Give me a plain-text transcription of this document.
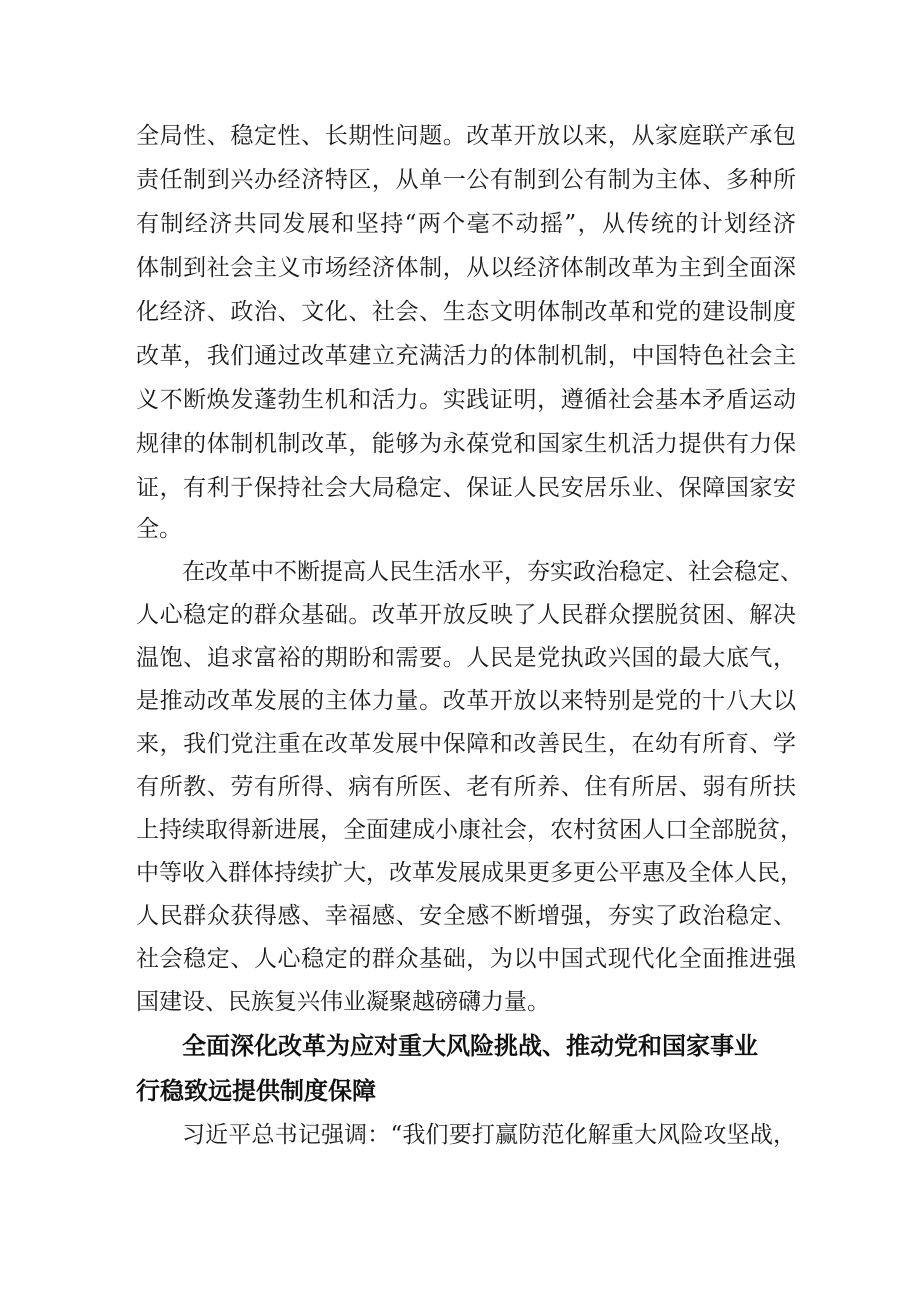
全局性、稳定性、长期性问题。改革开放以来，从家庭联产承包
责任制到兴办经济特区，从单一公有制到公有制为主体、多种所
有制经济共同发展和坚持“两个毫不动摇”，从传统的计划经济
体制到社会主义市场经济体制，从以经济体制改革为主到全面深
化经济、政治、文化、社会、生态文明体制改革和党的建设制度
改革，我们通过改革建立充满活力的体制机制，中国特色社会主
义不断焕发蓬勃生机和活力。实践证明，遵循社会基本矛盾运动
规律的体制机制改革，能够为永葆党和国家生机活力提供有力保
证，有利于保持社会大局稳定、保证人民安居乐业、保障国家安
全。
在改革中不断提高人民生活水平，夯实政治稳定、社会稳定、
人心稳定的群众基础。改革开放反映了人民群众摆脱贫困、解决
温饱、追求富裕的期盼和需要。人民是党执政兴国的最大底气，
是推动改革发展的主体力量。改革开放以来特别是党的十八大以
来，我们党注重在改革发展中保障和改善民生，在幼有所育、学
有所教、劳有所得、病有所医、老有所养、住有所居、弱有所扶
上持续取得新进展，全面建成小康社会，农村贫困人口全部脱贫，
中等收入群体持续扩大，改革发展成果更多更公平惠及全体人民，
人民群众获得感、幸福感、安全感不断增强，夯实了政治稳定、
社会稳定、人心稳定的群众基础，为以中国式现代化全面推进强
国建设、民族复兴伟业凝聚越磅礴力量。
全面深化改革为应对重大风险挑战、推动党和国家事业
行稳致远提供制度保障
习近平总书记强调：“我们要打赢防范化解重大风险攻坚战，
